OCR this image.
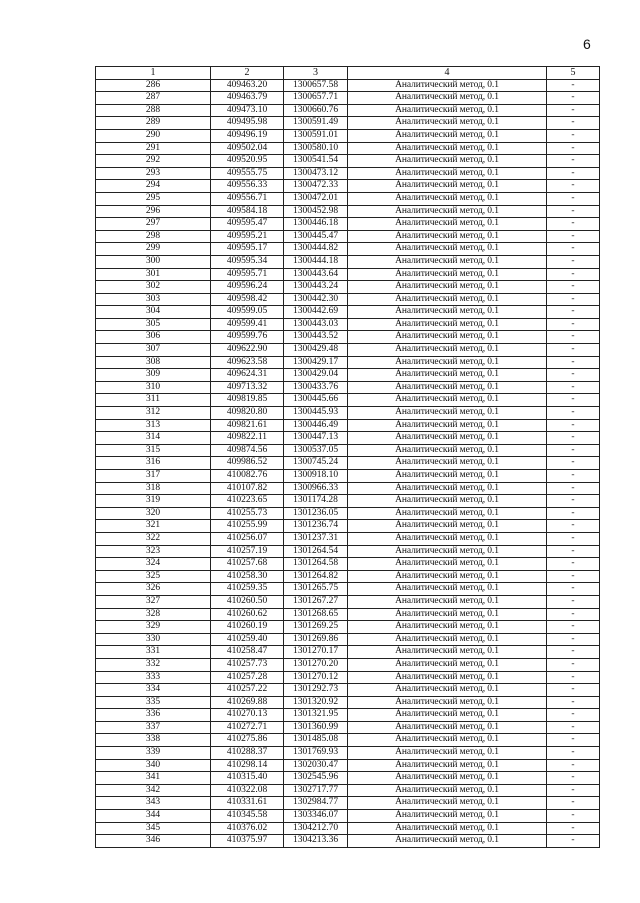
6
1	2	3	4	5
286	409463.20	1300657.58	Аналитический метод, 0.1	-
287	409463.79	1300657.71	Аналитический метод, 0.1	-
288	409473.10	1300660.76	Аналитический метод, 0.1	-
289	409495.98	1300591.49	Аналитический метод, 0.1	-
290	409496.19	1300591.01	Аналитический метод, 0.1	-
291	409502.04	1300580.10	Аналитический метод, 0.1	-
292	409520.95	1300541.54	Аналитический метод, 0.1	-
293	409555.75	1300473.12	Аналитический метод, 0.1	-
294	409556.33	1300472.33	Аналитический метод, 0.1	-
295	409556.71	1300472.01	Аналитический метод, 0.1	-
296	409584.18	1300452.98	Аналитический метод, 0.1	-
297	409595.47	1300446.18	Аналитический метод, 0.1	-
298	409595.21	1300445.47	Аналитический метод, 0.1	-
299	409595.17	1300444.82	Аналитический метод, 0.1	-
300	409595.34	1300444.18	Аналитический метод, 0.1	-
301	409595.71	1300443.64	Аналитический метод, 0.1	-
302	409596.24	1300443.24	Аналитический метод, 0.1	-
303	409598.42	1300442.30	Аналитический метод, 0.1	-
304	409599.05	1300442.69	Аналитический метод, 0.1	-
305	409599.41	1300443.03	Аналитический метод, 0.1	-
306	409599.76	1300443.52	Аналитический метод, 0.1	-
307	409622.90	1300429.48	Аналитический метод, 0.1	-
308	409623.58	1300429.17	Аналитический метод, 0.1	-
309	409624.31	1300429.04	Аналитический метод, 0.1	-
310	409713.32	1300433.76	Аналитический метод, 0.1	-
311	409819.85	1300445.66	Аналитический метод, 0.1	-
312	409820.80	1300445.93	Аналитический метод, 0.1	-
313	409821.61	1300446.49	Аналитический метод, 0.1	-
314	409822.11	1300447.13	Аналитический метод, 0.1	-
315	409874.56	1300537.05	Аналитический метод, 0.1	-
316	409986.52	1300745.24	Аналитический метод, 0.1	-
317	410082.76	1300918.10	Аналитический метод, 0.1	-
318	410107.82	1300966.33	Аналитический метод, 0.1	-
319	410223.65	1301174.28	Аналитический метод, 0.1	-
320	410255.73	1301236.05	Аналитический метод, 0.1	-
321	410255.99	1301236.74	Аналитический метод, 0.1	-
322	410256.07	1301237.31	Аналитический метод, 0.1	-
323	410257.19	1301264.54	Аналитический метод, 0.1	-
324	410257.68	1301264.58	Аналитический метод, 0.1	-
325	410258.30	1301264.82	Аналитический метод, 0.1	-
326	410259.35	1301265.75	Аналитический метод, 0.1	-
327	410260.50	1301267.27	Аналитический метод, 0.1	-
328	410260.62	1301268.65	Аналитический метод, 0.1	-
329	410260.19	1301269.25	Аналитический метод, 0.1	-
330	410259.40	1301269.86	Аналитический метод, 0.1	-
331	410258.47	1301270.17	Аналитический метод, 0.1	-
332	410257.73	1301270.20	Аналитический метод, 0.1	-
333	410257.28	1301270.12	Аналитический метод, 0.1	-
334	410257.22	1301292.73	Аналитический метод, 0.1	-
335	410269.88	1301320.92	Аналитический метод, 0.1	-
336	410270.13	1301321.95	Аналитический метод, 0.1	-
337	410272.71	1301360.99	Аналитический метод, 0.1	-
338	410275.86	1301485.08	Аналитический метод, 0.1	-
339	410288.37	1301769.93	Аналитический метод, 0.1	-
340	410298.14	1302030.47	Аналитический метод, 0.1	-
341	410315.40	1302545.96	Аналитический метод, 0.1	-
342	410322.08	1302717.77	Аналитический метод, 0.1	-
343	410331.61	1302984.77	Аналитический метод, 0.1	-
344	410345.58	1303346.07	Аналитический метод, 0.1	-
345	410376.02	1304212.70	Аналитический метод, 0.1	-
346	410375.97	1304213.36	Аналитический метод, 0.1	-
